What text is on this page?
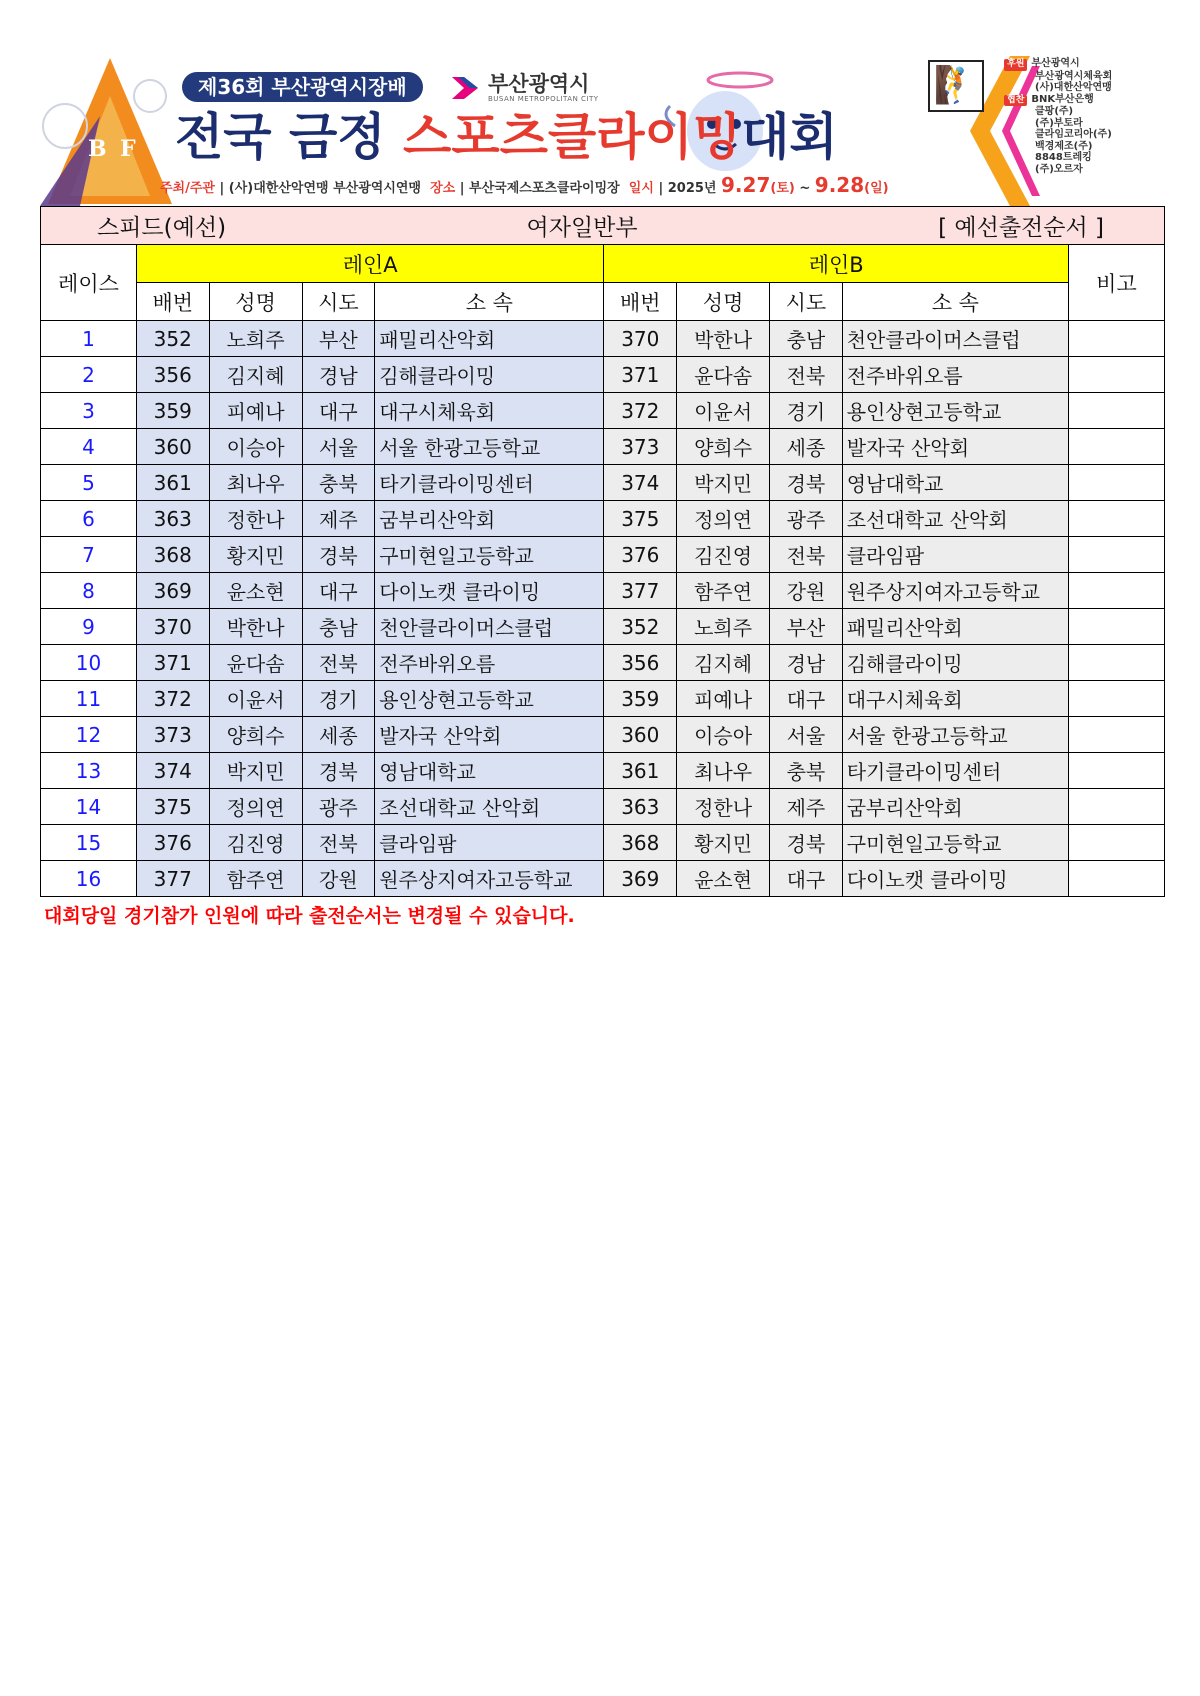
B F
제36회 부산광역시장배	부산광역시
BUSAN METROPOLITAN CITY
전국 금정 스포츠클라이밍대회
🧗
주최/주관 | (사)대한산악연맹 부산광역시연맹 장소 | 부산국제스포츠클라이밍장 일시 | 2025년 9.27(토) ~ 9.28(일)
후원 부산광역시
부산광역시체육회
(사)대한산악연맹
협찬 BNK부산은행
클팡(주)
(주)부토라
클라임코리아(주)
백경제조(주)
8848트레킹
(주)오르자
스피드(예선) 여자일반부 [ 예선출전순서 ]									

레이스	레인A				레인B				비고
	배번	성명	시도	소 속	배번	성명	시도	소 속	
1	352	노희주	부산	패밀리산악회	370	박한나	충남	천안클라이머스클럽	
2	356	김지혜	경남	김해클라이밍	371	윤다솜	전북	전주바위오름	
3	359	피예나	대구	대구시체육회	372	이윤서	경기	용인상현고등학교	
4	360	이승아	서울	서울 한광고등학교	373	양희수	세종	발자국 산악회	
5	361	최나우	충북	타기클라이밍센터	374	박지민	경북	영남대학교	
6	363	정한나	제주	굼부리산악회	375	정의연	광주	조선대학교 산악회	
7	368	황지민	경북	구미현일고등학교	376	김진영	전북	클라임팜	
8	369	윤소현	대구	다이노캣 클라이밍	377	함주연	강원	원주상지여자고등학교	
9	370	박한나	충남	천안클라이머스클럽	352	노희주	부산	패밀리산악회	
10	371	윤다솜	전북	전주바위오름	356	김지혜	경남	김해클라이밍	
11	372	이윤서	경기	용인상현고등학교	359	피예나	대구	대구시체육회	
12	373	양희수	세종	발자국 산악회	360	이승아	서울	서울 한광고등학교	
13	374	박지민	경북	영남대학교	361	최나우	충북	타기클라이밍센터	
14	375	정의연	광주	조선대학교 산악회	363	정한나	제주	굼부리산악회	
15	376	김진영	전북	클라임팜	368	황지민	경북	구미현일고등학교	
16	377	함주연	강원	원주상지여자고등학교	369	윤소현	대구	다이노캣 클라이밍	
대회당일 경기참가 인원에 따라 출전순서는 변경될 수 있습니다.
